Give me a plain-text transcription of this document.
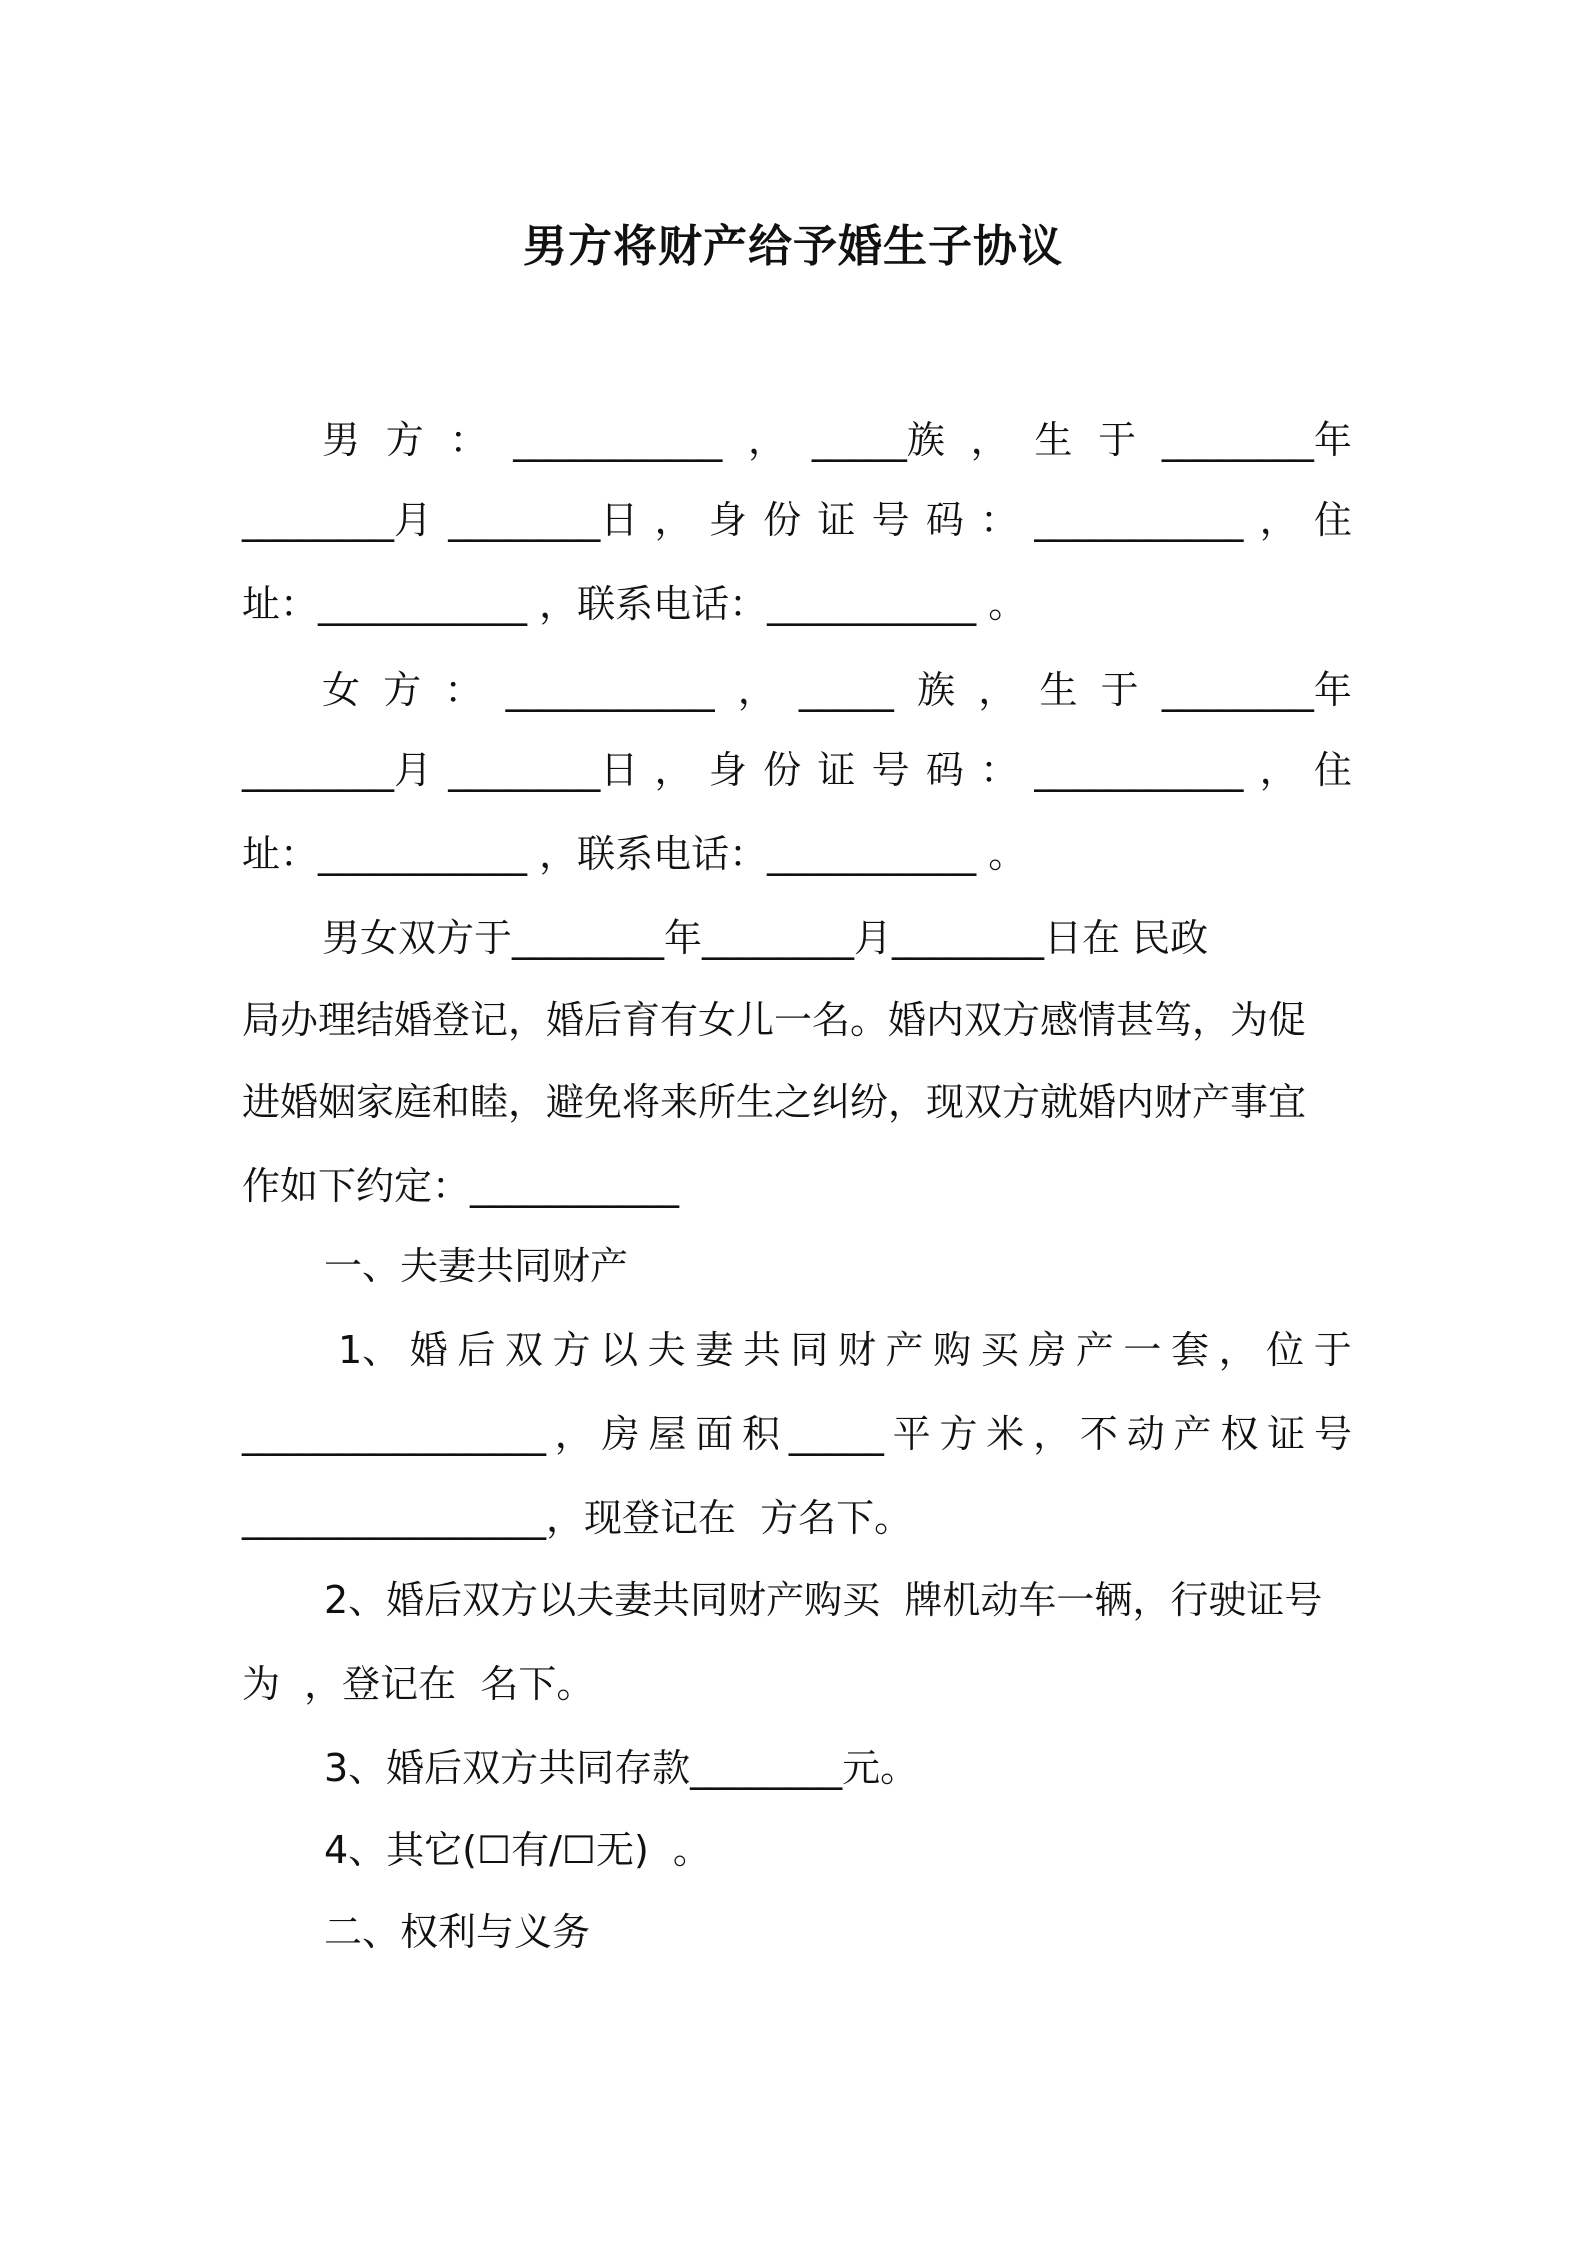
男方将财产给予婚生子协议
男 方 ： ___________ ， _____族 ， 生 于 ________年
________月 ________日 ， 身 份 证 号 码 ： ___________ ， 住
址：___________ ，联系电话：___________ 。
女 方 ： ___________ ， _____ 族 ， 生 于 ________年
________月 ________日 ， 身 份 证 号 码 ： ___________ ， 住
址：___________ ，联系电话：___________ 。
男女双方于________年________月________日在 民政
局办理结婚登记，婚后育有女儿一名。婚内双方感情甚笃，为促
进婚姻家庭和睦，避免将来所生之纠纷，现双方就婚内财产事宜
作如下约定：___________
一、夫妻共同财产
1、 婚 后 双 方 以 夫 妻 共 同 财 产 购 买 房 产 一 套 ， 位 于
________________ ， 房 屋 面 积 _____ 平 方 米 ， 不 动 产 权 证 号
________________，现登记在  方名下。
2、婚后双方以夫妻共同财产购买  牌机动车一辆，行驶证号
为  ，登记在  名下。
3、婚后双方共同存款________元。
4、其它(☐有/☐无)  。
二、权利与义务
